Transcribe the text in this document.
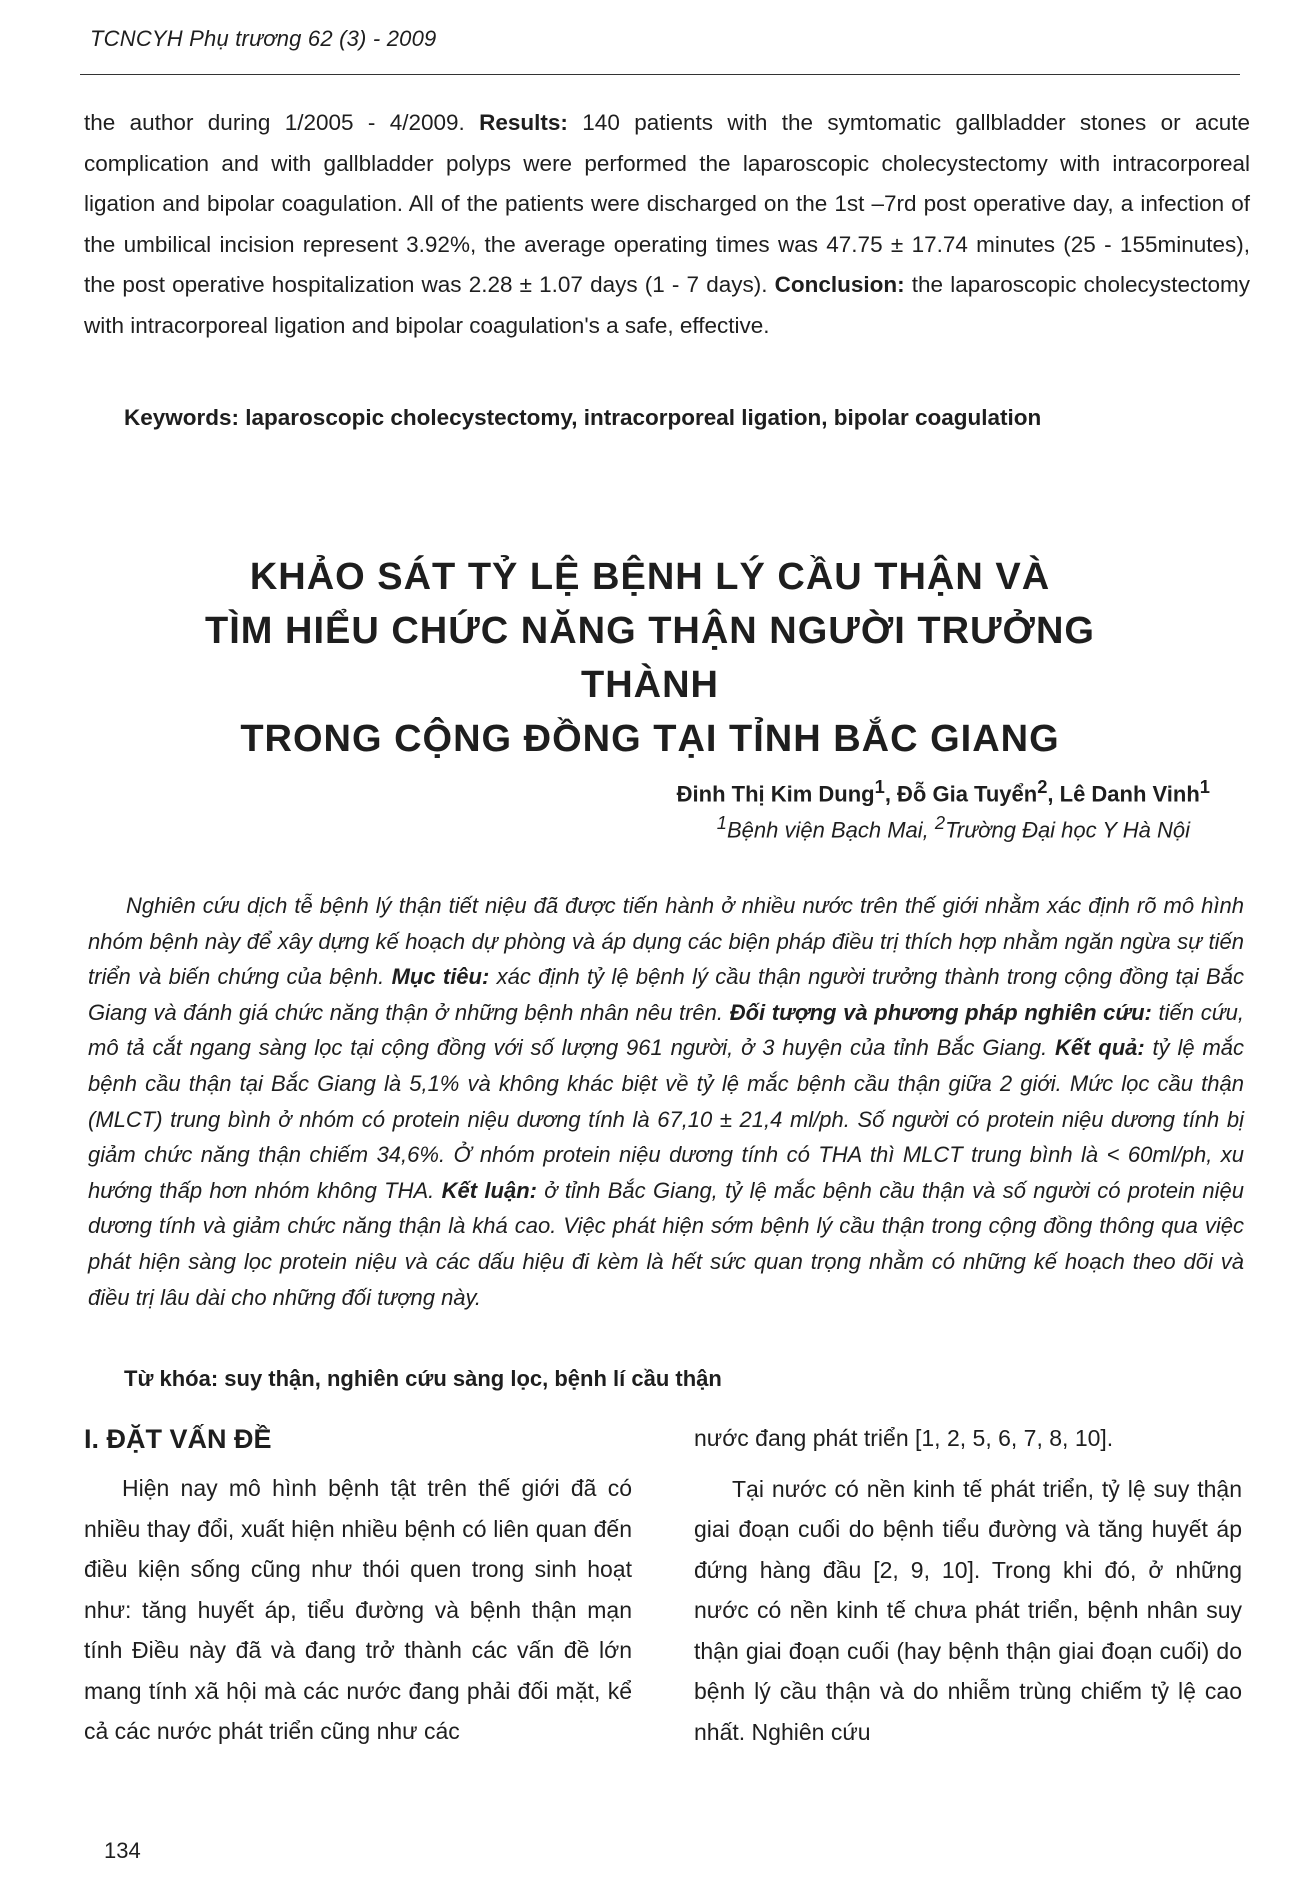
TCNCYH Phụ trương 62 (3) - 2009

the author during 1/2005 - 4/2009. Results: 140 patients with the symtomatic gallbladder stones or acute complication and with gallbladder polyps were performed the laparoscopic cholecystectomy with intracorporeal ligation and bipolar coagulation. All of the patients were discharged on the 1st –7rd post operative day, a infection of the umbilical incision represent 3.92%, the average operating times was 47.75 ± 17.74 minutes (25 - 155minutes), the post operative hospitalization was 2.28 ± 1.07 days (1 - 7 days). Conclusion: the laparoscopic cholecystectomy with intracorporeal ligation and bipolar coagulation's a safe, effective.

Keywords: laparoscopic cholecystectomy, intracorporeal ligation, bipolar coagulation

KHẢO SÁT TỶ LỆ BỆNH LÝ CẦU THẬN VÀ
TÌM HIỂU CHỨC NĂNG THẬN NGƯỜI TRƯỞNG THÀNH
TRONG CỘNG ĐỒNG TẠI TỈNH BẮC GIANG
Đinh Thị Kim Dung$^1$, Đỗ Gia Tuyển$^2$, Lê Danh Vinh$^1$
$^1$Bệnh viện Bạch Mai, $^2$Trường Đại học Y Hà Nội

Nghiên cứu dịch tễ bệnh lý thận tiết niệu đã được tiến hành ở nhiều nước trên thế giới nhằm xác định rõ mô hình nhóm bệnh này để xây dựng kế hoạch dự phòng và áp dụng các biện pháp điều trị thích hợp nhằm ngăn ngừa sự tiến triển và biến chứng của bệnh. Mục tiêu: xác định tỷ lệ bệnh lý cầu thận người trưởng thành trong cộng đồng tại Bắc Giang và đánh giá chức năng thận ở những bệnh nhân nêu trên. Đối tượng và phương pháp nghiên cứu: tiến cứu, mô tả cắt ngang sàng lọc tại cộng đồng với số lượng 961 người, ở 3 huyện của tỉnh Bắc Giang. Kết quả: tỷ lệ mắc bệnh cầu thận tại Bắc Giang là 5,1% và không khác biệt về tỷ lệ mắc bệnh cầu thận giữa 2 giới. Mức lọc cầu thận (MLCT) trung bình ở nhóm có protein niệu dương tính là 67,10 ± 21,4 ml/ph. Số người có protein niệu dương tính bị giảm chức năng thận chiếm 34,6%. Ở nhóm protein niệu dương tính có THA thì MLCT trung bình là < 60ml/ph, xu hướng thấp hơn nhóm không THA. Kết luận: ở tỉnh Bắc Giang, tỷ lệ mắc bệnh cầu thận và số người có protein niệu dương tính và giảm chức năng thận là khá cao. Việc phát hiện sớm bệnh lý cầu thận trong cộng đồng thông qua việc phát hiện sàng lọc protein niệu và các dấu hiệu đi kèm là hết sức quan trọng nhằm có những kế hoạch theo dõi và điều trị lâu dài cho những đối tượng này.

Từ khóa: suy thận, nghiên cứu sàng lọc, bệnh lí cầu thận

I. ĐẶT VẤN ĐỀ

Hiện nay mô hình bệnh tật trên thế giới đã có nhiều thay đổi, xuất hiện nhiều bệnh có liên quan đến điều kiện sống cũng như thói quen trong sinh hoạt như: tăng huyết áp, tiểu đường và bệnh thận mạn tính Điều này đã và đang trở thành các vấn đề lớn mang tính xã hội mà các nước đang phải đối mặt, kể cả các nước phát triển cũng như các

nước đang phát triển [1, 2, 5, 6, 7, 8, 10].

Tại nước có nền kinh tế phát triển, tỷ lệ suy thận giai đoạn cuối do bệnh tiểu đường và tăng huyết áp đứng hàng đầu [2, 9, 10]. Trong khi đó, ở những nước có nền kinh tế chưa phát triển, bệnh nhân suy thận giai đoạn cuối (hay bệnh thận giai đoạn cuối) do bệnh lý cầu thận và do nhiễm trùng chiếm tỷ lệ cao nhất. Nghiên cứu

134
